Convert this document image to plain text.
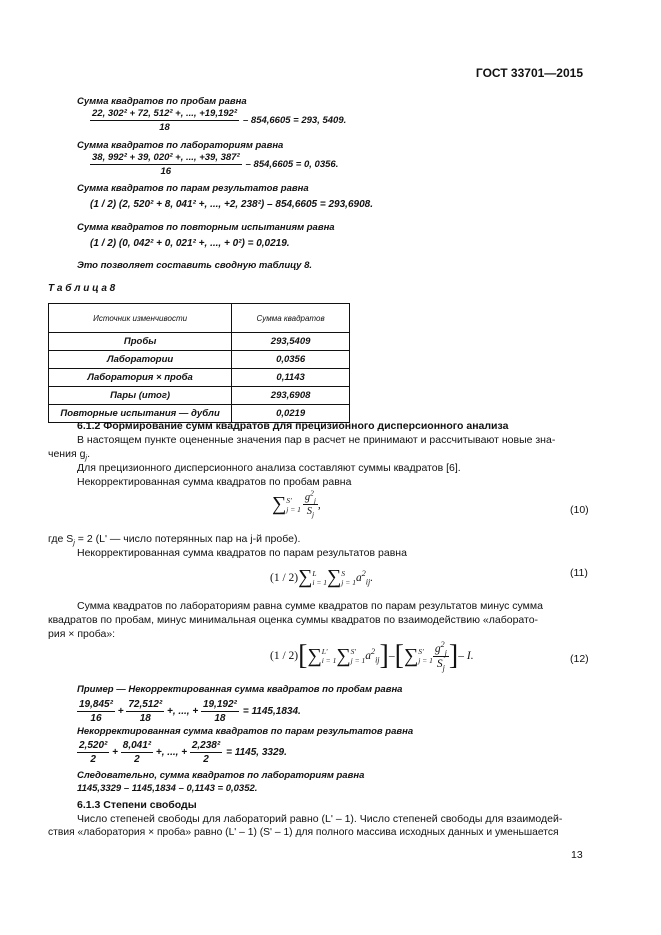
ГОСТ 33701—2015
Сумма квадратов по пробам равна
$\frac{\text{22, 302² + 72, 512² +, ..., +19,192²}}{18} - 854,6605 = 293$, 5409.
Сумма квадратов по лабораториям равна
$\frac{\text{38, 992² + 39, 020² +, ..., +39, 387²}}{16} - 854,6605 = 0$, 0356.
Сумма квадратов по парам результатов равна
(1 / 2) (2, 520² + 8, 041² +, ..., +2, 238²) – 854,6605 = 293,6908.
Сумма квадратов по повторным испытаниям равна
(1 / 2) (0, 042² + 0, 021² +, ..., + 0²) = 0,0219.
Это позволяет составить сводную таблицу 8.
Т а б л и ц а 8
Источник изменчивости	Сумма квадратов
Пробы	293,5409
Лаборатории	0,0356
Лаборатория × проба	0,1143
Пары (итог)	293,6908
Повторные испытания — дубли	0,0219
6.1.2 Формирование сумм квадратов для прецизионного дисперсионного анализа
В настоящем пункте оцененные значения пар в расчет не принимают и рассчитывают новые зна-
чения $g_j$.
Для прецизионного дисперсионного анализа составляют суммы квадратов [6].
Некорректированная сумма квадратов по пробам равна
∑ S'
$j = 1 \frac{g^2_j}{S_j}$ ,	(10)
где $S_j = 2$ (L' — число потерянных пар на j-й пробе).
Некорректированная сумма квадратов по парам результатов равна
(1 / 2) ∑ L
i = 1 ∑ S
j = 1 $a^2_{ij}$.	(11)
Сумма квадратов по лабораториям равна сумме квадратов по парам результатов минус сумма
квадратов по пробам, минус минимальная оценка суммы квадратов по взаимодействию «лаборато-
рия × проба»:
(1 / 2) [ ∑ L'
i = 1 ∑ S'
j = 1 $a^2_{ij}$ ] – [ ∑ S'
$j = 1 \frac{g^2_j}{S_j}$ ] – I.	(12)
Пример — Некорректированная сумма квадратов по пробам равна
$\frac{\text{19,845²}}{16} + \frac{\text{72,512²}}{18}$ +, ..., + $\frac{\text{19,192²}}{18} = 1145,1834$.
Некорректированная сумма квадратов по парам результатов равна
$\frac{\text{2,520²}}{2} + \frac{\text{8,041²}}{2}$ +, ..., + $\frac{\text{2,238²}}{2} = 1145$, 3329.
Следовательно, сумма квадратов по лабораториям равна
1145,3329 – 1145,1834 – 0,1143 = 0,0352.
6.1.3 Степени свободы
Число степеней свободы для лабораторий равно (L' – 1). Число степеней свободы для взаимодей-
ствия «лаборатория × проба» равно (L' – 1) (S' – 1) для полного массива исходных данных и уменьшается
13
